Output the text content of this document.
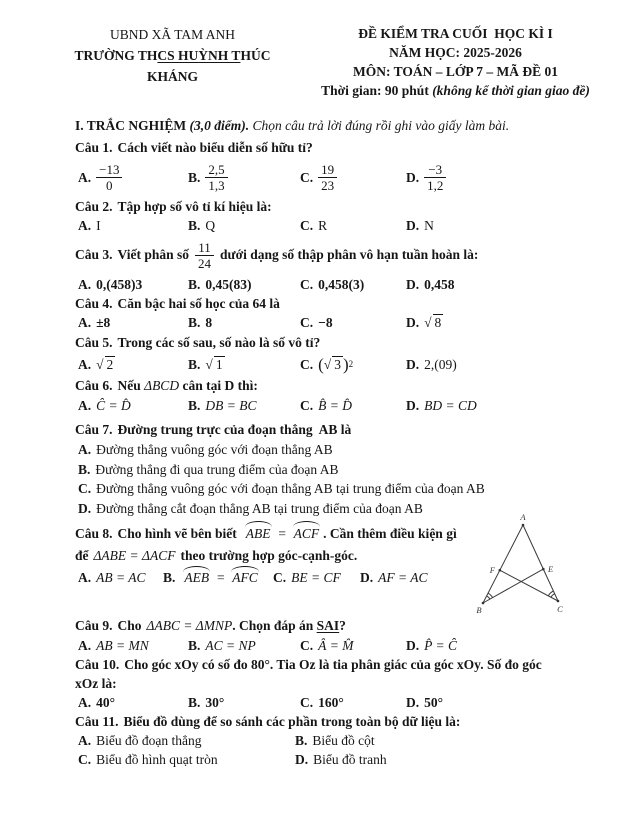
UBND XÃ TAM ANH
TRƯỜNG THCS HUỲNH THÚC KHÁNG
ĐỀ KIỂM TRA CUỐI  HỌC KÌ I
NĂM HỌC: 2025-2026
MÔN: TOÁN – LỚP 7 – MÃ ĐỀ 01
Thời gian: 90 phút (không kể thời gian giao đề)
I. TRẮC NGHIỆM (3,0 điểm). Chọn câu trả lời đúng rồi ghi vào giấy làm bài.
Câu 1. Cách viết nào biểu diễn số hữu tỉ?
A. $\frac{-13}{0}$	B. $\frac{2,5}{1,3}$	C. $\frac{19}{23}$	D. $\frac{-3}{1,2}$
Câu 2. Tập hợp số vô tỉ kí hiệu là:
A. I	B. Q	C. R	D. N
Câu 3. Viết phân số $\frac{11}{24}$ dưới dạng số thập phân vô hạn tuần hoàn là:
A. 0,(458)3	B. 0,45(83)	C. 0,458(3)	D. 0,458
Câu 4. Căn bậc hai số học của 64 là
A. ±8	B. 8	C. −8	D. √ 8
Câu 5. Trong các số sau, số nào là số vô tỉ?
A. √ 2	B. √ 1	C. ( √ 3 ) 2	D. 2,(09)
Câu 6. Nếu ΔBCD cân tại D thì:
A. Ĉ = D̂	B. DB = BC	C. B̂ = D̂	D. BD = CD
Câu 7. Đường trung trực của đoạn thẳng  AB là
A. Đường thẳng vuông góc với đoạn thẳng AB
B. Đường thẳng đi qua trung điểm của đoạn AB
C. Đường thẳng vuông góc với đoạn thẳng AB tại trung điểm của đoạn AB
D. Đường thẳng cắt đoạn thẳng AB tại trung điểm của đoạn AB
Câu 8. Cho hình vẽ bên biết ABE = ACF . Cần thêm điều kiện gì để ΔABE = ΔACF theo trường hợp góc-cạnh-góc.
A. AB = AC B. AEB = AFC C. BE = CF D. AF = AC
A
B	C
F	E
Câu 9. Cho ΔABC = ΔMNP. Chọn đáp án SAI?
A. AB = MN	B. AC = NP	C. Â = M̂	D. P̂ = Ĉ
Câu 10. Cho góc xOy có số đo 80°. Tia Oz là tia phân giác của góc xOy. Số đo góc
xOz là:
A. 40°	B. 30°	C. 160°	D. 50°
Câu 11. Biểu đồ dùng để so sánh các phần trong toàn bộ dữ liệu là:
A. Biểu đồ đoạn thẳng	B. Biểu đồ cột
C. Biểu đồ hình quạt tròn	D. Biểu đồ tranh
